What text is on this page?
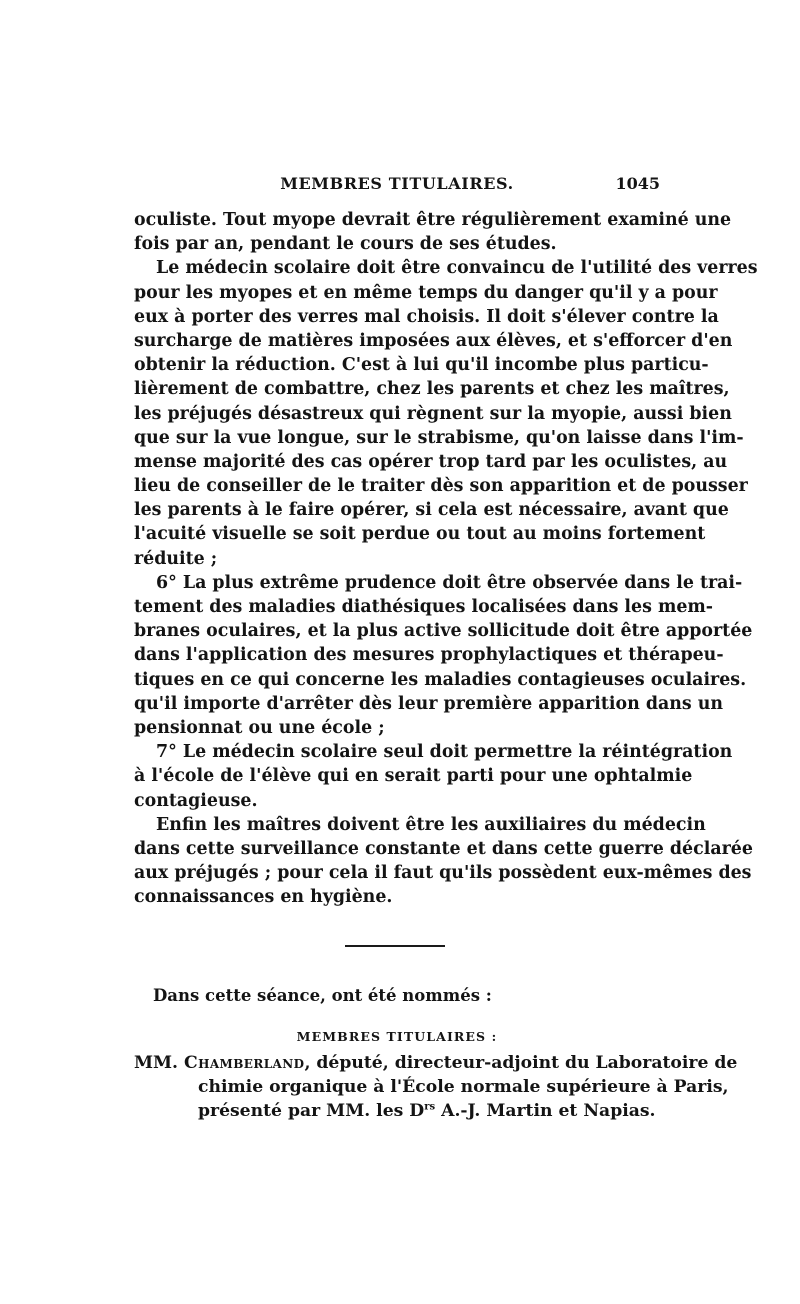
MEMBRES TITULAIRES.	1045
oculiste. Tout myope devrait être régulièrement examiné une
fois par an, pendant le cours de ses études.
Le médecin scolaire doit être convaincu de l'utilité des verres
pour les myopes et en même temps du danger qu'il y a pour
eux à porter des verres mal choisis. Il doit s'élever contre la
surcharge de matières imposées aux élèves, et s'efforcer d'en
obtenir la réduction. C'est à lui qu'il incombe plus particu-
lièrement de combattre, chez les parents et chez les maîtres,
les préjugés désastreux qui règnent sur la myopie, aussi bien
que sur la vue longue, sur le strabisme, qu'on laisse dans l'im-
mense majorité des cas opérer trop tard par les oculistes, au
lieu de conseiller de le traiter dès son apparition et de pousser
les parents à le faire opérer, si cela est nécessaire, avant que
l'acuité visuelle se soit perdue ou tout au moins fortement
réduite ;
6° La plus extrême prudence doit être observée dans le trai-
tement des maladies diathésiques localisées dans les mem-
branes oculaires, et la plus active sollicitude doit être apportée
dans l'application des mesures prophylactiques et thérapeu-
tiques en ce qui concerne les maladies contagieuses oculaires.
qu'il importe d'arrêter dès leur première apparition dans un
pensionnat ou une école ;
7° Le médecin scolaire seul doit permettre la réintégration
à l'école de l'élève qui en serait parti pour une ophtalmie
contagieuse.
Enfin les maîtres doivent être les auxiliaires du médecin
dans cette surveillance constante et dans cette guerre déclarée
aux préjugés ; pour cela il faut qu'ils possèdent eux-mêmes des
connaissances en hygiène.
Dans cette séance, ont été nommés :
MEMBRES TITULAIRES :
MM. Chamberland, député, directeur-adjoint du Laboratoire de
chimie organique à l'École normale supérieure à Paris,
présenté par MM. les $D^{rs}$ A.-J. Martin et Napias.
